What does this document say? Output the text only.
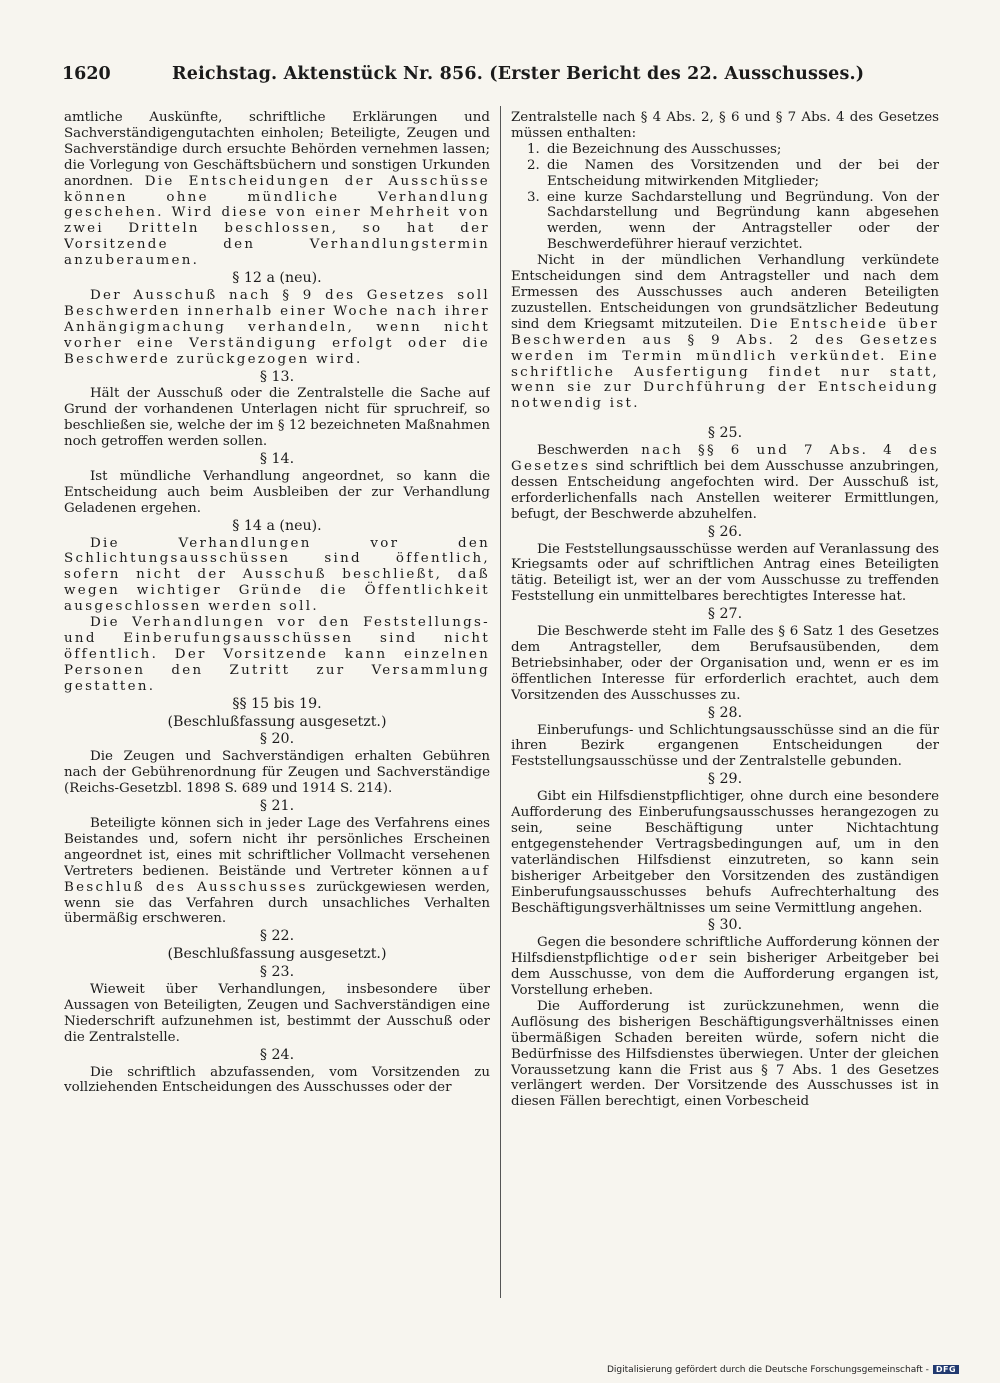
1620	Reichstag. Aktenstück Nr. 856. (Erster Bericht des 22. Ausschusses.)

amtliche Auskünfte, schriftliche Erklärungen und Sachverständigengutachten einholen; Beteiligte, Zeugen und Sachverständige durch ersuchte Behörden vernehmen lassen; die Vorlegung von Geschäftsbüchern und sonstigen Urkunden anordnen. Die Entscheidungen der Ausschüsse können ohne mündliche Verhandlung geschehen. Wird diese von einer Mehrheit von zwei Dritteln beschlossen, so hat der Vorsitzende den Verhandlungstermin anzuberaumen.

§ 12 a (neu).

Der Ausschuß nach § 9 des Gesetzes soll Beschwerden innerhalb einer Woche nach ihrer Anhängigmachung verhandeln, wenn nicht vorher eine Verständigung erfolgt oder die Beschwerde zurückgezogen wird.

§ 13.

Hält der Ausschuß oder die Zentralstelle die Sache auf Grund der vorhandenen Unterlagen nicht für spruchreif, so beschließen sie, welche der im § 12 bezeichneten Maßnahmen noch getroffen werden sollen.

§ 14.

Ist mündliche Verhandlung angeordnet, so kann die Entscheidung auch beim Ausbleiben der zur Verhandlung Geladenen ergehen.

§ 14 a (neu).

Die Verhandlungen vor den Schlichtungsausschüssen sind öffentlich, sofern nicht der Ausschuß beschließt, daß wegen wichtiger Gründe die Öffentlichkeit ausgeschlossen werden soll.

Die Verhandlungen vor den Feststellungs- und Einberufungsausschüssen sind nicht öffentlich. Der Vorsitzende kann einzelnen Personen den Zutritt zur Versammlung gestatten.

§§ 15 bis 19.
(Beschlußfassung ausgesetzt.)
§ 20.

Die Zeugen und Sachverständigen erhalten Gebühren nach der Gebührenordnung für Zeugen und Sachverständige (Reichs-Gesetzbl. 1898 S. 689 und 1914 S. 214).

§ 21.

Beteiligte können sich in jeder Lage des Verfahrens eines Beistandes und, sofern nicht ihr persönliches Erscheinen angeordnet ist, eines mit schriftlicher Vollmacht versehenen Vertreters bedienen. Beistände und Vertreter können auf Beschluß des Ausschusses zurückgewiesen werden, wenn sie das Verfahren durch unsachliches Verhalten übermäßig erschweren.

§ 22.
(Beschlußfassung ausgesetzt.)
§ 23.

Wieweit über Verhandlungen, insbesondere über Aussagen von Beteiligten, Zeugen und Sachverständigen eine Niederschrift aufzunehmen ist, bestimmt der Ausschuß oder die Zentralstelle.

§ 24.

Die schriftlich abzufassenden, vom Vorsitzenden zu vollziehenden Entscheidungen des Ausschusses oder der

Zentralstelle nach § 4 Abs. 2, § 6 und § 7 Abs. 4 des Gesetzes müssen enthalten:

1. die Bezeichnung des Ausschusses;
2. die Namen des Vorsitzenden und der bei der Entscheidung mitwirkenden Mitglieder;
3. eine kurze Sachdarstellung und Begründung. Von der Sachdarstellung und Begründung kann abgesehen werden, wenn der Antragsteller oder der Beschwerdeführer hierauf verzichtet.

Nicht in der mündlichen Verhandlung verkündete Entscheidungen sind dem Antragsteller und nach dem Ermessen des Ausschusses auch anderen Beteiligten zuzustellen. Entscheidungen von grundsätzlicher Bedeutung sind dem Kriegsamt mitzuteilen. Die Entscheide über Beschwerden aus § 9 Abs. 2 des Gesetzes werden im Termin mündlich verkündet. Eine schriftliche Ausfertigung findet nur statt, wenn sie zur Durchführung der Entscheidung notwendig ist.

§ 25.

Beschwerden nach §§ 6 und 7 Abs. 4 des Gesetzes sind schriftlich bei dem Ausschusse anzubringen, dessen Entscheidung angefochten wird. Der Ausschuß ist, erforderlichenfalls nach Anstellen weiterer Ermittlungen, befugt, der Beschwerde abzuhelfen.

§ 26.

Die Feststellungsausschüsse werden auf Veranlassung des Kriegsamts oder auf schriftlichen Antrag eines Beteiligten tätig. Beteiligt ist, wer an der vom Ausschusse zu treffenden Feststellung ein unmittelbares berechtigtes Interesse hat.

§ 27.

Die Beschwerde steht im Falle des § 6 Satz 1 des Gesetzes dem Antragsteller, dem Berufsausübenden, dem Betriebsinhaber, oder der Organisation und, wenn er es im öffentlichen Interesse für erforderlich erachtet, auch dem Vorsitzenden des Ausschusses zu.

§ 28.

Einberufungs- und Schlichtungsausschüsse sind an die für ihren Bezirk ergangenen Entscheidungen der Feststellungsausschüsse und der Zentralstelle gebunden.

§ 29.

Gibt ein Hilfsdienstpflichtiger, ohne durch eine besondere Aufforderung des Einberufungsausschusses herangezogen zu sein, seine Beschäftigung unter Nichtachtung entgegenstehender Vertragsbedingungen auf, um in den vaterländischen Hilfsdienst einzutreten, so kann sein bisheriger Arbeitgeber den Vorsitzenden des zuständigen Einberufungsausschusses behufs Aufrechterhaltung des Beschäftigungsverhältnisses um seine Vermittlung angehen.

§ 30.

Gegen die besondere schriftliche Aufforderung können der Hilfsdienstpflichtige oder sein bisheriger Arbeitgeber bei dem Ausschusse, von dem die Aufforderung ergangen ist, Vorstellung erheben.

Die Aufforderung ist zurückzunehmen, wenn die Auflösung des bisherigen Beschäftigungsverhältnisses einen übermäßigen Schaden bereiten würde, sofern nicht die Bedürfnisse des Hilfsdienstes überwiegen. Unter der gleichen Voraussetzung kann die Frist aus § 7 Abs. 1 des Gesetzes verlängert werden. Der Vorsitzende des Ausschusses ist in diesen Fällen berechtigt, einen Vorbescheid

Digitalisierung gefördert durch die Deutsche Forschungsgemeinschaft - DFG
